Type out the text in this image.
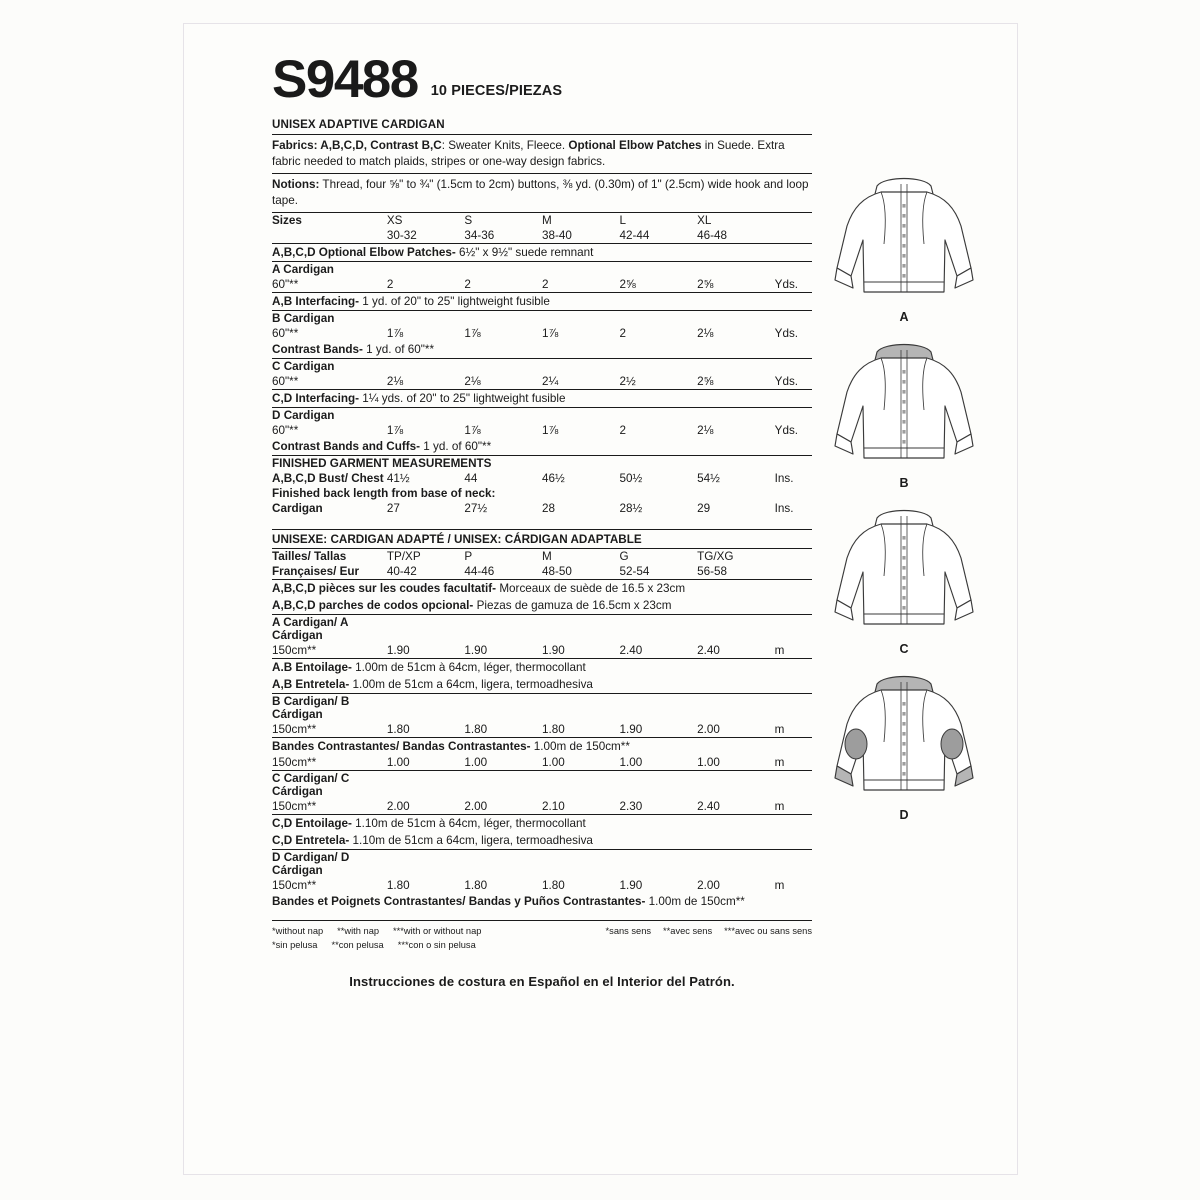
S9488 10 PIECES/PIEZAS
UNISEX ADAPTIVE CARDIGAN
Fabrics: A,B,C,D, Contrast B,C: Sweater Knits, Fleece. Optional Elbow Patches in Suede. Extra fabric needed to match plaids, stripes or one-way design fabrics.
Notions: Thread, four ⅝" to ¾" (1.5cm to 2cm) buttons, ⅜ yd. (0.30m) of 1" (2.5cm) wide hook and loop tape.
Sizes	XS	S	M	L	XL	
	30-32	34-36	38-40	42-44	46-48	
A,B,C,D Optional Elbow Patches- 6½" x 9½" suede remnant
A Cardigan						
60"**	2	2	2	2⅝	2⅝	Yds.
A,B Interfacing- 1 yd. of 20" to 25" lightweight fusible
B Cardigan						
60"**	1⅞	1⅞	1⅞	2	2⅛	Yds.
Contrast Bands- 1 yd. of 60"**
C Cardigan						
60"**	2⅛	2⅛	2¼	2½	2⅝	Yds.
C,D Interfacing- 1¼ yds. of 20" to 25" lightweight fusible
D Cardigan						
60"**	1⅞	1⅞	1⅞	2	2⅛	Yds.
Contrast Bands and Cuffs- 1 yd. of 60"**
FINISHED GARMENT MEASUREMENTS						
A,B,C,D Bust/ Chest	41½	44	46½	50½	54½	Ins.
Finished back length from base of neck:						
Cardigan	27	27½	28	28½	29	Ins.
UNISEXE: CARDIGAN ADAPTÉ / UNISEX: CÁRDIGAN ADAPTABLE
Tailles/ Tallas	TP/XP	P	M	G	TG/XG	
Françaises/ Eur	40-42	44-46	48-50	52-54	56-58	
A,B,C,D pièces sur les coudes facultatif- Morceaux de suède de 16.5 x 23cm
A,B,C,D parches de codos opcional- Piezas de gamuza de 16.5cm x 23cm
A Cardigan/ A Cárdigan						
150cm**	1.90	1.90	1.90	2.40	2.40	m
A.B Entoilage- 1.00m de 51cm à 64cm, léger, thermocollant
A,B Entretela- 1.00m de 51cm a 64cm, ligera, termoadhesiva
B Cardigan/ B Cárdigan						
150cm**	1.80	1.80	1.80	1.90	2.00	m
Bandes Contrastantes/ Bandas Contrastantes- 1.00m de 150cm**
150cm**	1.00	1.00	1.00	1.00	1.00	m
C Cardigan/ C Cárdigan						
150cm**	2.00	2.00	2.10	2.30	2.40	m
C,D Entoilage- 1.10m de 51cm à 64cm, léger, thermocollant
C,D Entretela- 1.10m de 51cm a 64cm, ligera, termoadhesiva
D Cardigan/ D Cárdigan						
150cm**	1.80	1.80	1.80	1.90	2.00	m
Bandes et Poignets Contrastantes/ Bandas y Puños Contrastantes- 1.00m de 150cm**
*without nap **with nap ***with or without nap	*sans sens **avec sens ***avec ou sans sens
*sin pelusa **con pelusa ***con o sin pelusa
Instrucciones de costura en Español en el Interior del Patrón.
A
B
C
D
